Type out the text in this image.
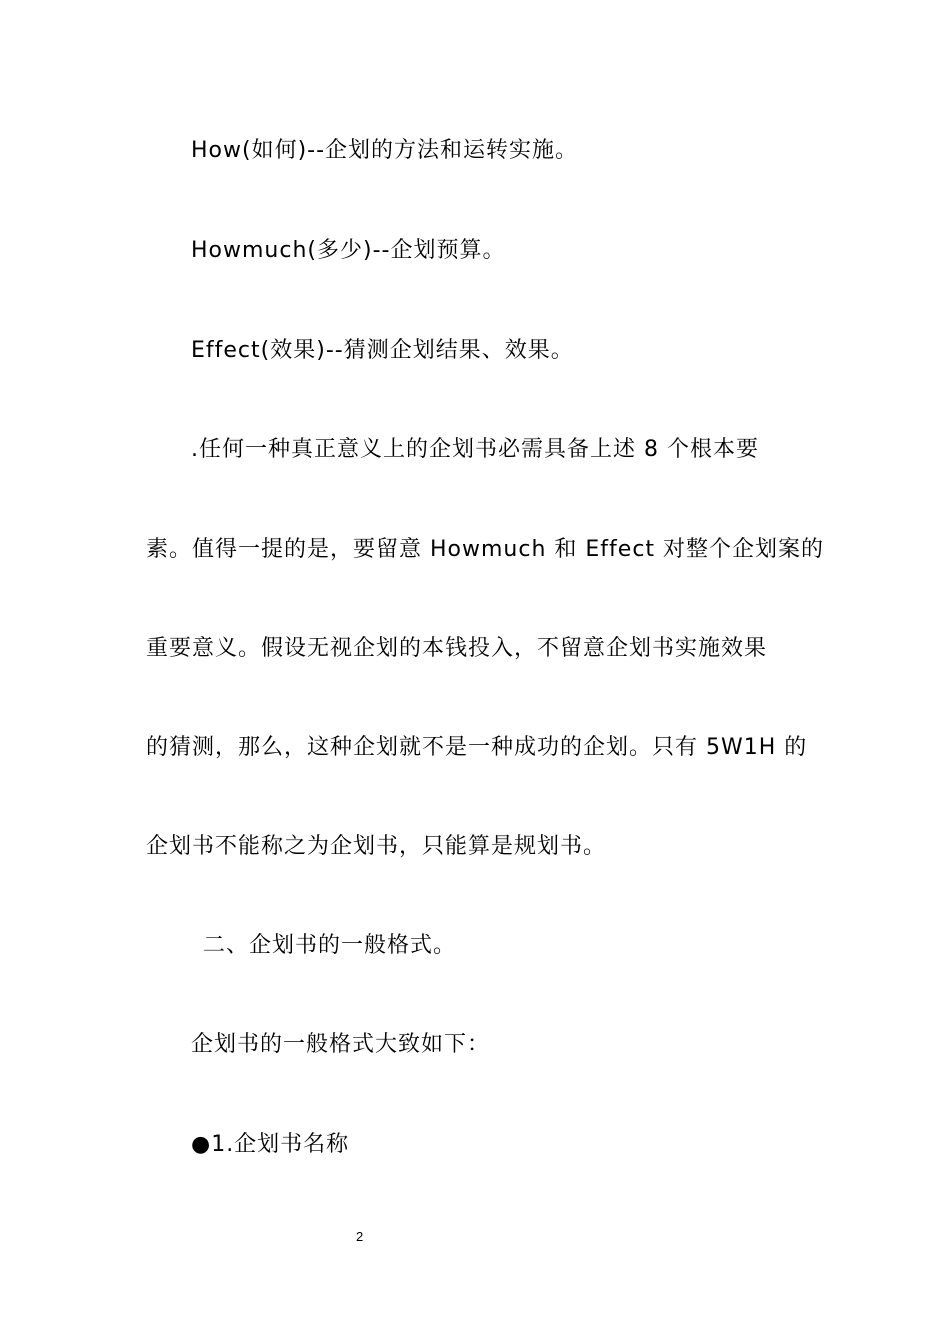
How(如何)--企划的方法和运转实施。
Howmuch(多少)--企划预算。
Effect(效果)--猜测企划结果、效果。
.任何一种真正意义上的企划书必需具备上述 8 个根本要
素。值得一提的是，要留意 Howmuch 和 Effect 对整个企划案的
重要意义。假设无视企划的本钱投入，不留意企划书实施效果
的猜测，那么，这种企划就不是一种成功的企划。只有 5W1H 的
企划书不能称之为企划书，只能算是规划书。
二、企划书的一般格式。
企划书的一般格式大致如下：
●1.企划书名称
2
